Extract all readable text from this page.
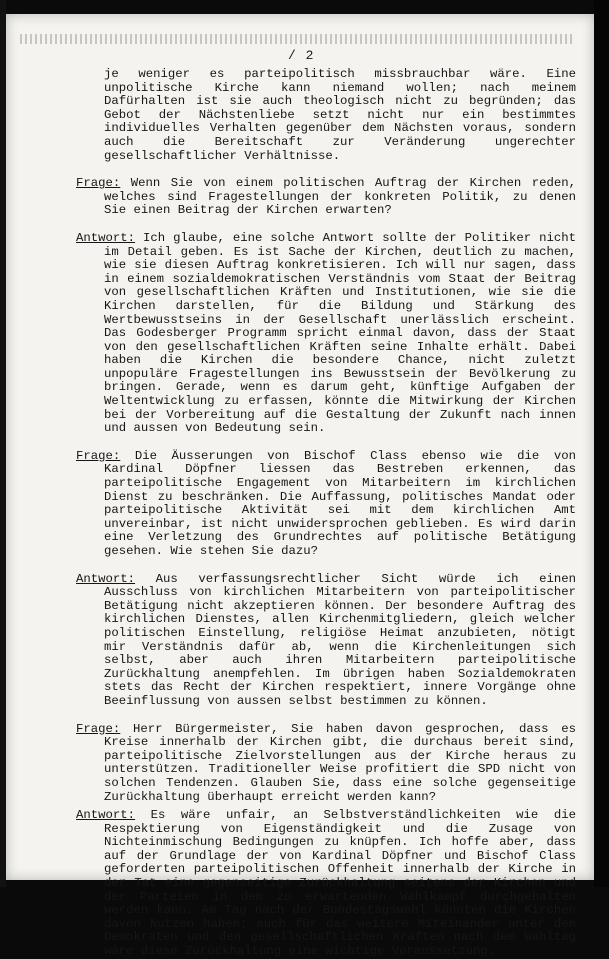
/ 2

je weniger es parteipolitisch missbrauchbar wäre. Eine unpolitische Kirche kann niemand wollen; nach meinem Dafürhalten ist sie auch theologisch nicht zu begründen; das Gebot der Nächstenliebe setzt nicht nur ein bestimmtes individuelles Verhalten gegenüber dem Nächsten voraus, sondern auch die Bereitschaft zur Veränderung ungerechter gesellschaftlicher Verhältnisse.

Frage: Wenn Sie von einem politischen Auftrag der Kirchen reden, welches sind Fragestellungen der konkreten Politik, zu denen Sie einen Beitrag der Kirchen erwarten?
Antwort: Ich glaube, eine solche Antwort sollte der Politiker nicht im Detail geben. Es ist Sache der Kirchen, deutlich zu machen, wie sie diesen Auftrag konkretisieren. Ich will nur sagen, dass in einem sozialdemokratischen Verständnis vom Staat der Beitrag von gesellschaftlichen Kräften und Institutionen, wie sie die Kirchen darstellen, für die Bildung und Stärkung des Wertbewusstseins in der Gesellschaft unerlässlich erscheint. Das Godesberger Programm spricht einmal davon, dass der Staat von den gesellschaftlichen Kräften seine Inhalte erhält. Dabei haben die Kirchen die besondere Chance, nicht zuletzt unpopuläre Fragestellungen ins Bewusstsein der Bevölkerung zu bringen. Gerade, wenn es darum geht, künftige Aufgaben der Weltentwicklung zu erfassen, könnte die Mitwirkung der Kirchen bei der Vorbereitung auf die Gestaltung der Zukunft nach innen und aussen von Bedeutung sein.
Frage: Die Äusserungen von Bischof Class ebenso wie die von Kardinal Döpfner liessen das Bestreben erkennen, das parteipolitische Engagement von Mitarbeitern im kirchlichen Dienst zu beschränken. Die Auffassung, politisches Mandat oder parteipolitische Aktivität sei mit dem kirchlichen Amt unvereinbar, ist nicht unwidersprochen geblieben. Es wird darin eine Verletzung des Grundrechtes auf politische Betätigung gesehen. Wie stehen Sie dazu?
Antwort: Aus verfassungsrechtlicher Sicht würde ich einen Ausschluss von kirchlichen Mitarbeitern von parteipolitischer Betätigung nicht akzeptieren können. Der besondere Auftrag des kirchlichen Dienstes, allen Kirchenmitgliedern, gleich welcher politischen Einstellung, religiöse Heimat anzubieten, nötigt mir Verständnis dafür ab, wenn die Kirchenleitungen sich selbst, aber auch ihren Mitarbeitern parteipolitische Zurückhaltung anempfehlen. Im übrigen haben Sozialdemokraten stets das Recht der Kirchen respektiert, innere Vorgänge ohne Beeinflussung von aussen selbst bestimmen zu können.
Frage: Herr Bürgermeister, Sie haben davon gesprochen, dass es Kreise innerhalb der Kirchen gibt, die durchaus bereit sind, parteipolitische Zielvorstellungen aus der Kirche heraus zu unterstützen. Traditioneller Weise profitiert die SPD nicht von solchen Tendenzen. Glauben Sie, dass eine solche gegenseitige Zurückhaltung überhaupt erreicht werden kann?
Antwort: Es wäre unfair, an Selbstverständlichkeiten wie die Respektierung von Eigenständigkeit und die Zusage von Nichteinmischung Bedingungen zu knüpfen. Ich hoffe aber, dass auf der Grundlage der von Kardinal Döpfner und Bischof Class geforderten parteipolitischen Offenheit innerhalb der Kirche in der Tat eine gegenseitige Zurückhaltung seitens der Kirchen und der Parteien in dem zu erwartenden Wahlkampf durchgehalten werden kann. Am Tag nach der Bundestagswahl könnten die Kirchen davon Nutzen haben; auch für das weitere Miteinander unter den Demokraten und den gesellschaftlichen Kräften nach dem Wahltag wäre diese Zurückhaltung eine wichtige Voraussetzung.
